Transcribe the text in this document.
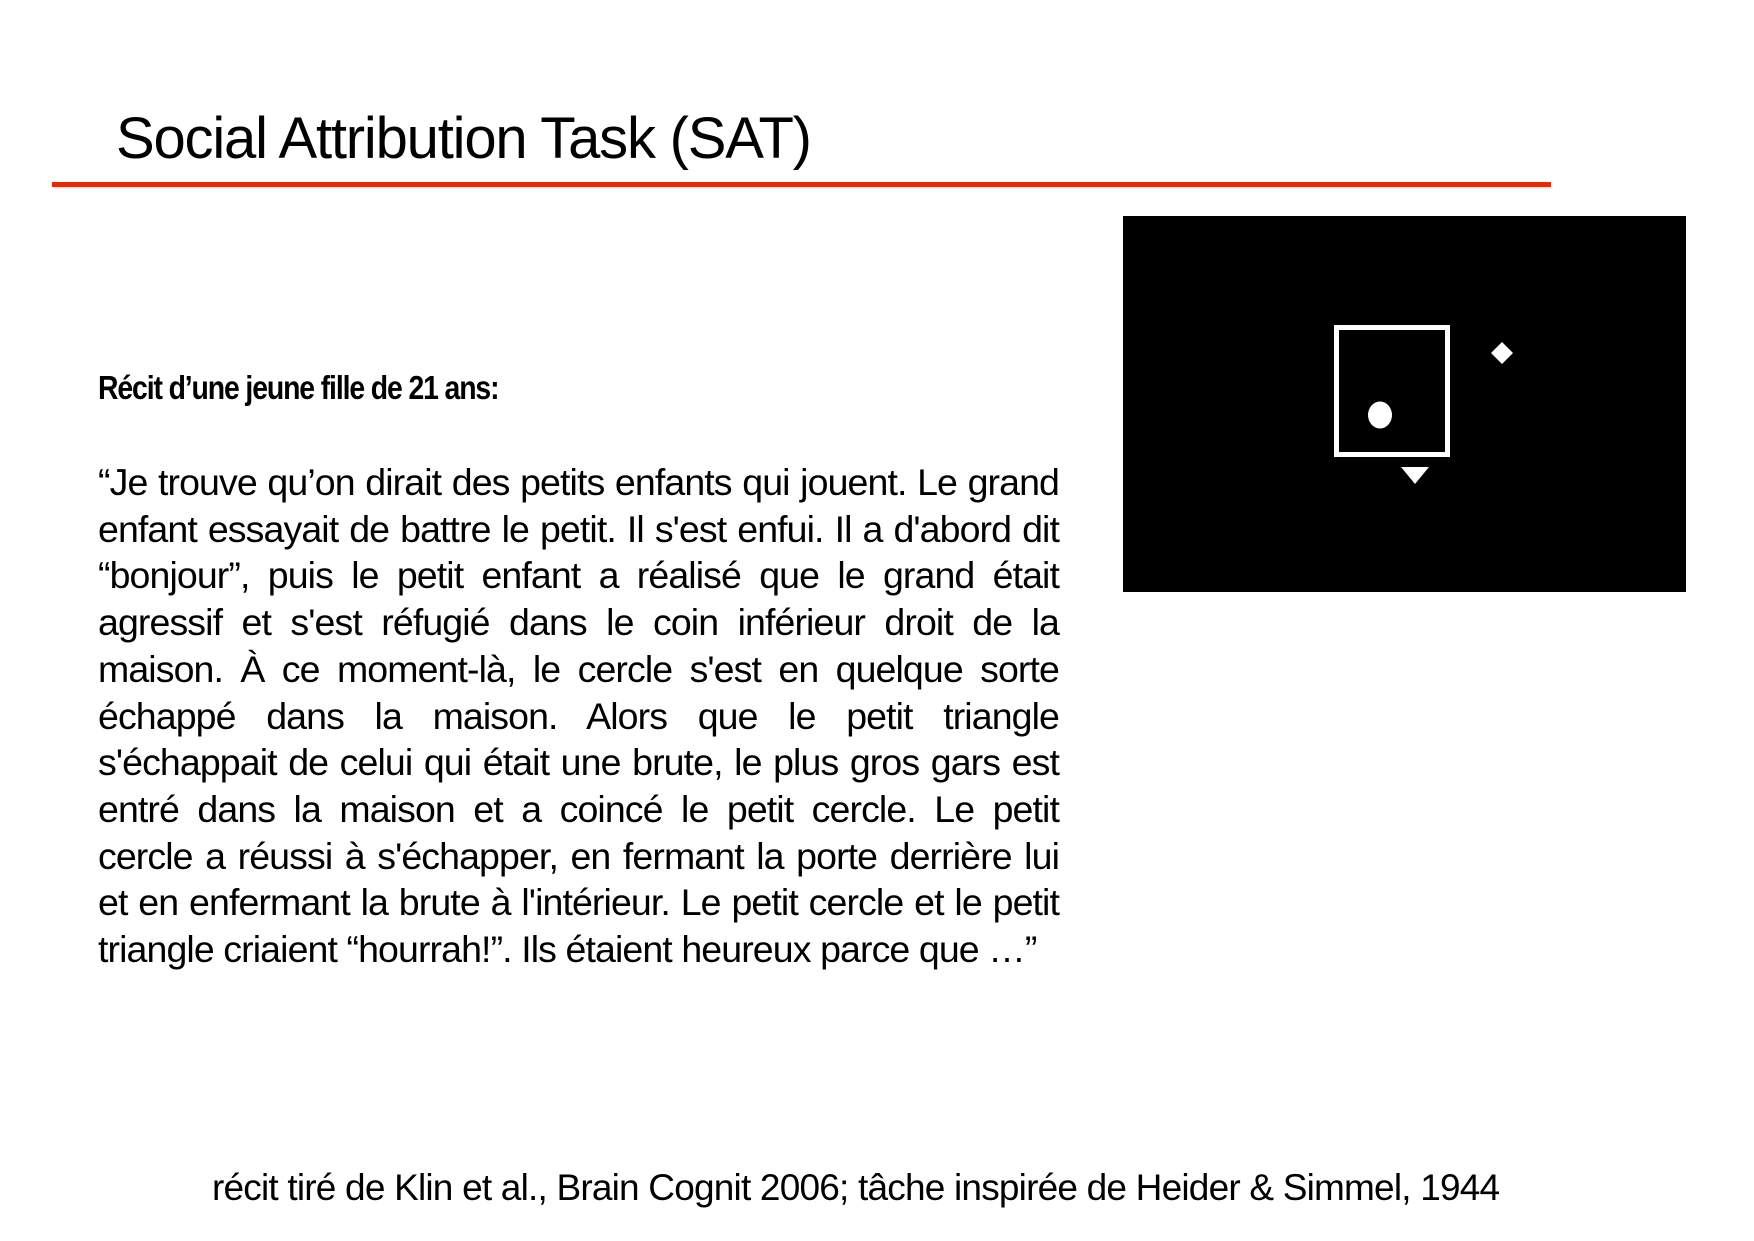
Social Attribution Task (SAT)
Récit d’une jeune fille de 21 ans:

“Je trouve qu’on dirait des petits enfants qui jouent. Le grand enfant essayait de battre le petit. Il s'est enfui. Il a d'abord dit “bonjour”, puis le petit enfant a réalisé que le grand était agressif et s'est réfugié dans le coin inférieur droit de la maison. À ce moment-là, le cercle s'est en quelque sorte échappé dans la maison. Alors que le petit triangle s'échappait de celui qui était une brute, le plus gros gars est entré dans la maison et a coincé le petit cercle. Le petit cercle a réussi à s'échapper, en fermant la porte derrière lui et en enfermant la brute à l'intérieur. Le petit cercle et le petit triangle criaient “hourrah!”. Ils étaient heureux parce que …”

récit tiré de Klin et al., Brain Cognit 2006; tâche inspirée de Heider & Simmel, 1944
